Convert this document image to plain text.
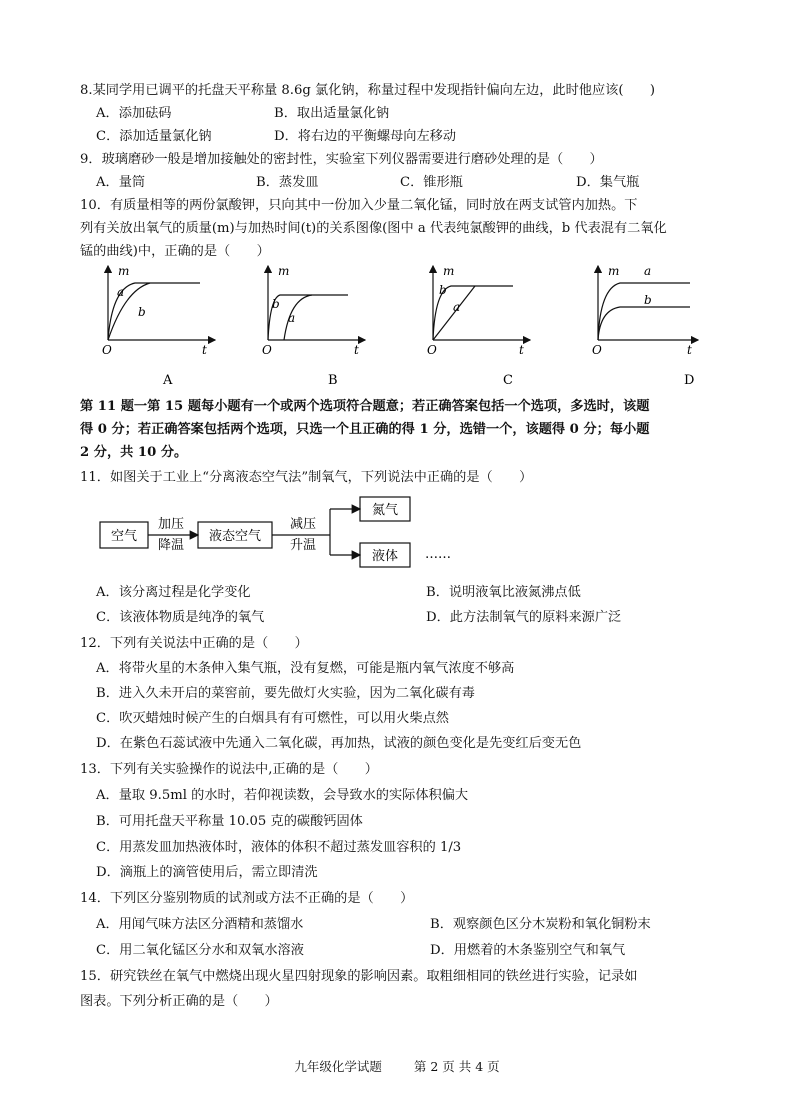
8.某同学用已调平的托盘天平称量 8.6g 氯化钠，称量过程中发现指针偏向左边，此时他应该(　　)
A．添加砝码	B．取出适量氯化钠
C．添加适量氯化钠	D．将右边的平衡螺母向左移动
9．玻璃磨砂一般是增加接触处的密封性，实验室下列仪器需要进行磨砂处理的是（　　）
A．量筒	B．蒸发皿	C．锥形瓶	D．集气瓶
10．有质量相等的两份氯酸钾，只向其中一份加入少量二氧化锰，同时放在两支试管内加热。下
列有关放出氧气的质量(m)与加热时间(t)的关系图像(图中 a 代表纯氯酸钾的曲线，b 代表混有二氧化
锰的曲线)中，正确的是（　　）
m
t
O
a
b
m
t
O
b
a
m
t
O
b
a
m
t
O
a
b
A	B	C	D
第 11 题一第 15 题每小题有一个或两个选项符合题意；若正确答案包括一个选项，多选时，该题
得 0 分；若正确答案包括两个选项，只选一个且正确的得 1 分，选错一个，该题得 0 分；每小题
2 分，共 10 分。
11．如图关于工业上“分离液态空气法”制氧气，下列说法中正确的是（　　）
空气
加压
降温
液态空气
减压
升温
氮气
液体 ……
A．该分离过程是化学变化	B．说明液氧比液氮沸点低
C．该液体物质是纯净的氧气	D．此方法制氧气的原料来源广泛
12．下列有关说法中正确的是（　　）
A．将带火星的木条伸入集气瓶，没有复燃，可能是瓶内氧气浓度不够高
B．进入久未开启的菜窖前，要先做灯火实验，因为二氧化碳有毒
C．吹灭蜡烛时候产生的白烟具有有可燃性，可以用火柴点然
D．在紫色石蕊试液中先通入二氧化碳，再加热，试液的颜色变化是先变红后变无色
13．下列有关实验操作的说法中,正确的是（　　）
A．量取 9.5ml 的水时，若仰视读数，会导致水的实际体积偏大
B．可用托盘天平称量 10.05 克的碳酸钙固体
C．用蒸发皿加热液体时，液体的体积不超过蒸发皿容积的 1/3
D．滴瓶上的滴管使用后，需立即清洗
14．下列区分鉴别物质的试剂或方法不正确的是（　　）
A．用闻气味方法区分酒精和蒸馏水	B．观察颜色区分木炭粉和氧化铜粉末
C．用二氧化锰区分水和双氧水溶液	D．用燃着的木条鉴别空气和氧气
15．研究铁丝在氧气中燃烧出现火星四射现象的影响因素。取粗细相同的铁丝进行实验，记录如
图表。下列分析正确的是（　　）
九年级化学试题	第 2 页 共 4 页
